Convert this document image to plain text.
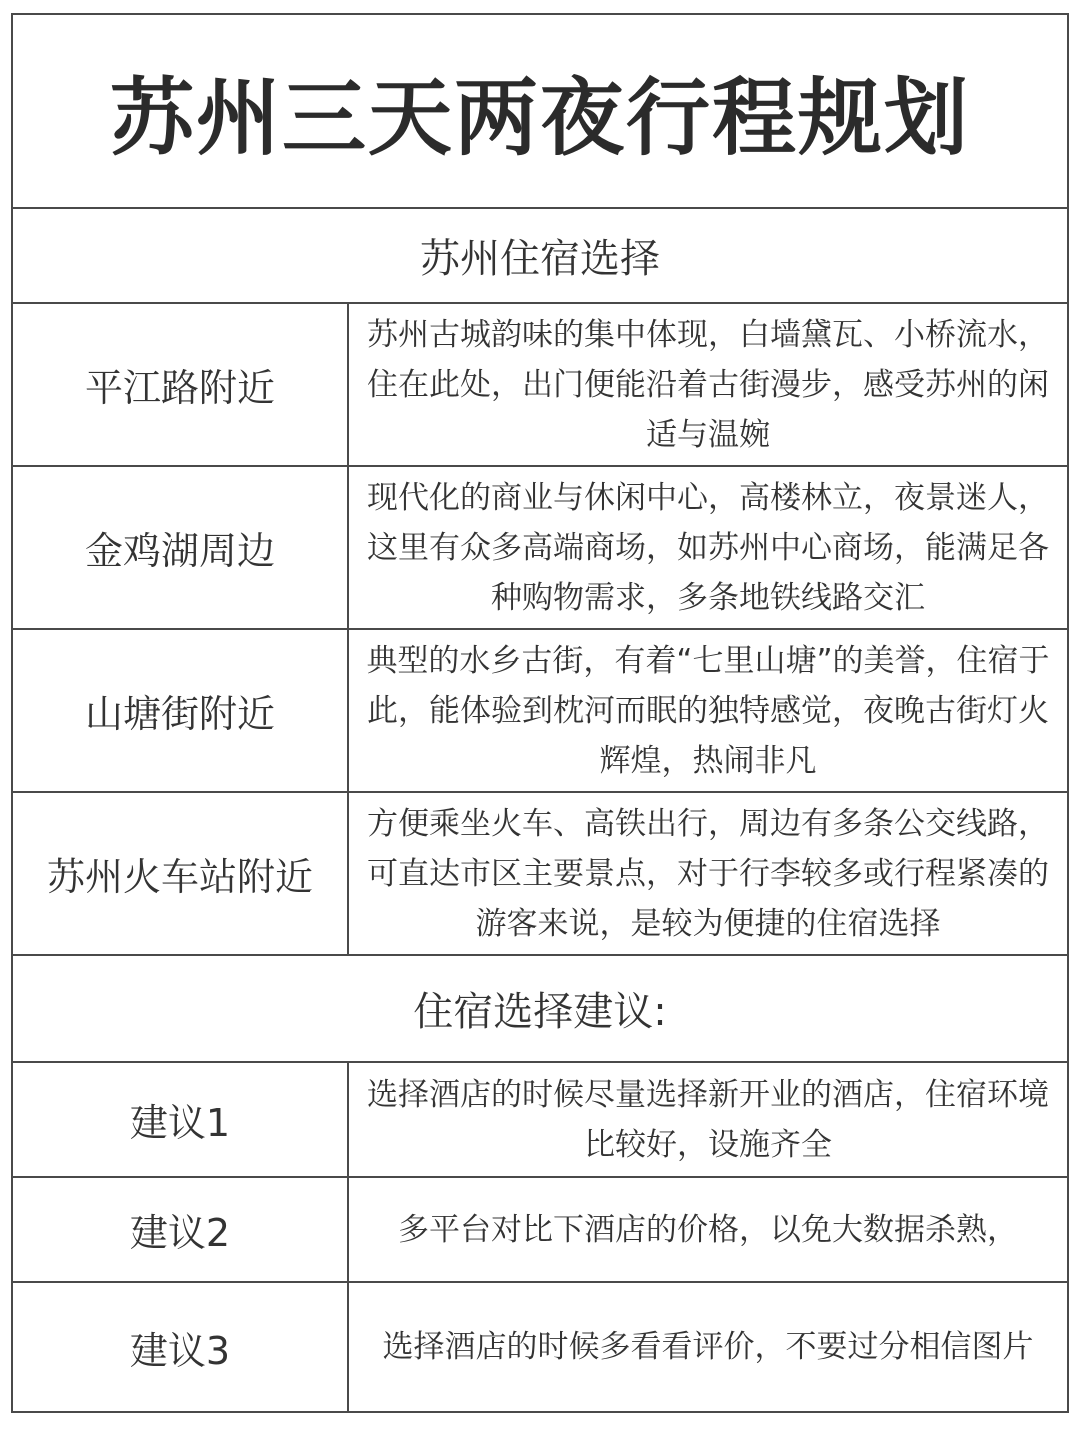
苏州三天两夜行程规划
苏州住宿选择
平江路附近
苏州古城韵味的集中体现，白墙黛瓦、小桥流水，住在此处，出门便能沿着古街漫步，感受苏州的闲适与温婉
金鸡湖周边
现代化的商业与休闲中心，高楼林立，夜景迷人，这里有众多高端商场，如苏州中心商场，能满足各种购物需求，多条地铁线路交汇
山塘街附近
典型的水乡古街，有着“七里山塘”的美誉，住宿于此，能体验到枕河而眠的独特感觉，夜晚古街灯火辉煌，热闹非凡
苏州火车站附近
方便乘坐火车、高铁出行，周边有多条公交线路，可直达市区主要景点，对于行李较多或行程紧凑的游客来说，是较为便捷的住宿选择
住宿选择建议:
建议1
选择酒店的时候尽量选择新开业的酒店，住宿环境比较好，设施齐全
建议2	多平台对比下酒店的价格，以免大数据杀熟，
建议3	选择酒店的时候多看看评价，不要过分相信图片
